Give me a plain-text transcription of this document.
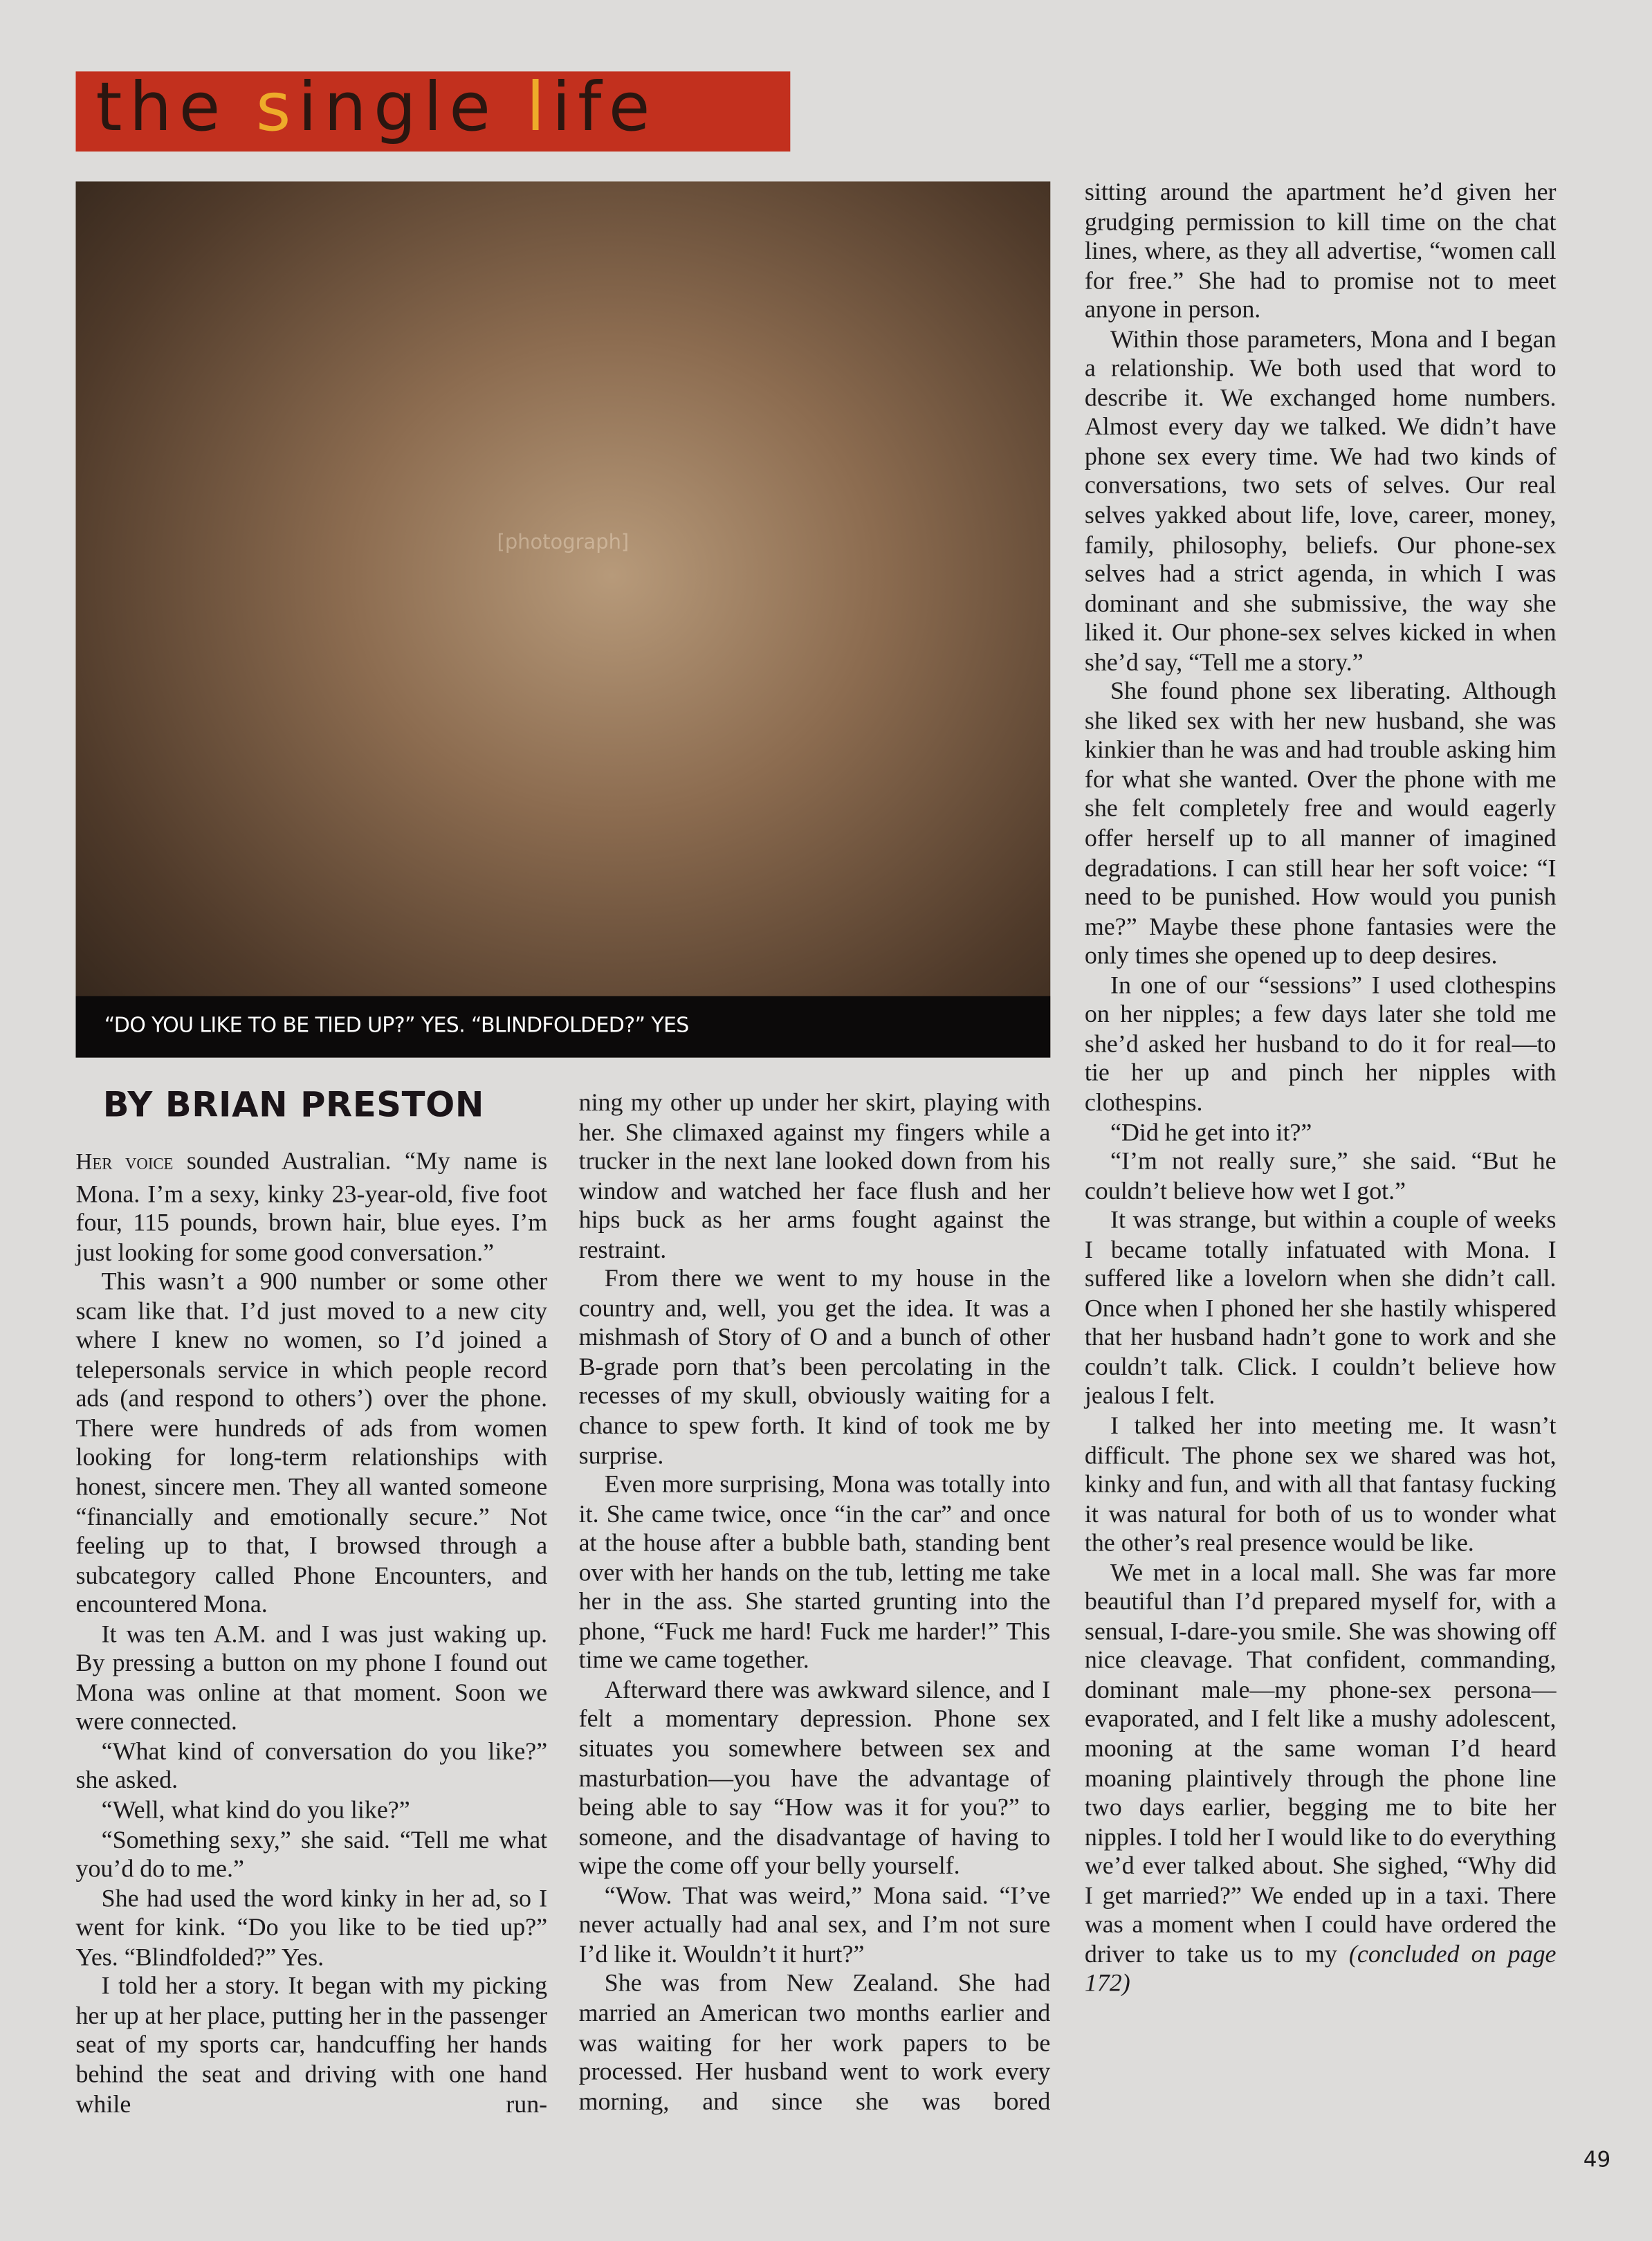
the single life
[photograph]
“DO YOU LIKE TO BE TIED UP?” YES. “BLINDFOLDED?” YES
BY BRIAN PRESTON

Her voice sounded Australian. “My name is Mona. I’m a sexy, kinky 23-year-old, five foot four, 115 pounds, brown hair, blue eyes. I’m just looking for some good conversation.”

This wasn’t a 900 number or some other scam like that. I’d just moved to a new city where I knew no women, so I’d joined a telepersonals service in which people record ads (and respond to others’) over the phone. There were hundreds of ads from women looking for long-term relationships with honest, sincere men. They all wanted someone “financially and emotionally secure.” Not feeling up to that, I browsed through a subcategory called Phone Encounters, and encountered Mona.

It was ten A.M. and I was just waking up. By pressing a button on my phone I found out Mona was online at that moment. Soon we were connected.

“What kind of conversation do you like?” she asked.

“Well, what kind do you like?”

“Something sexy,” she said. “Tell me what you’d do to me.”

She had used the word kinky in her ad, so I went for kink. “Do you like to be tied up?” Yes. “Blindfolded?” Yes.

I told her a story. It began with my picking her up at her place, putting her in the passenger seat of my sports car, handcuffing her hands behind the seat and driving with one hand while run-

ning my other up under her skirt, playing with her. She climaxed against my fingers while a trucker in the next lane looked down from his window and watched her face flush and her hips buck as her arms fought against the restraint.

From there we went to my house in the country and, well, you get the idea. It was a mishmash of Story of O and a bunch of other B-grade porn that’s been percolating in the recesses of my skull, obviously waiting for a chance to spew forth. It kind of took me by surprise.

Even more surprising, Mona was totally into it. She came twice, once “in the car” and once at the house after a bubble bath, standing bent over with her hands on the tub, letting me take her in the ass. She started grunting into the phone, “Fuck me hard! Fuck me harder!” This time we came together.

Afterward there was awkward silence, and I felt a momentary depression. Phone sex situates you somewhere between sex and masturbation—you have the advantage of being able to say “How was it for you?” to someone, and the disadvantage of having to wipe the come off your belly yourself.

“Wow. That was weird,” Mona said. “I’ve never actually had anal sex, and I’m not sure I’d like it. Wouldn’t it hurt?”

She was from New Zealand. She had married an American two months earlier and was waiting for her work papers to be processed. Her husband went to work every morning, and since she was bored

sitting around the apartment he’d given her grudging permission to kill time on the chat lines, where, as they all advertise, “women call for free.” She had to promise not to meet anyone in person.

Within those parameters, Mona and I began a relationship. We both used that word to describe it. We exchanged home numbers. Almost every day we talked. We didn’t have phone sex every time. We had two kinds of conversations, two sets of selves. Our real selves yakked about life, love, career, money, family, philosophy, beliefs. Our phone-sex selves had a strict agenda, in which I was dominant and she submissive, the way she liked it. Our phone-sex selves kicked in when she’d say, “Tell me a story.”

She found phone sex liberating. Although she liked sex with her new husband, she was kinkier than he was and had trouble asking him for what she wanted. Over the phone with me she felt completely free and would eagerly offer herself up to all manner of imagined degradations. I can still hear her soft voice: “I need to be punished. How would you punish me?” Maybe these phone fantasies were the only times she opened up to deep desires.

In one of our “sessions” I used clothespins on her nipples; a few days later she told me she’d asked her husband to do it for real—to tie her up and pinch her nipples with clothespins.

“Did he get into it?”

“I’m not really sure,” she said. “But he couldn’t believe how wet I got.”

It was strange, but within a couple of weeks I became totally infatuated with Mona. I suffered like a lovelorn when she didn’t call. Once when I phoned her she hastily whispered that her husband hadn’t gone to work and she couldn’t talk. Click. I couldn’t believe how jealous I felt.

I talked her into meeting me. It wasn’t difficult. The phone sex we shared was hot, kinky and fun, and with all that fantasy fucking it was natural for both of us to wonder what the other’s real presence would be like.

We met in a local mall. She was far more beautiful than I’d prepared myself for, with a sensual, I-dare-you smile. She was showing off nice cleavage. That confident, commanding, dominant male—my phone-sex persona—evaporated, and I felt like a mushy adolescent, mooning at the same woman I’d heard moaning plaintively through the phone line two days earlier, begging me to bite her nipples. I told her I would like to do everything we’d ever talked about. She sighed, “Why did I get married?” We ended up in a taxi. There was a moment when I could have ordered the driver to take us to my (concluded on page 172)

49
